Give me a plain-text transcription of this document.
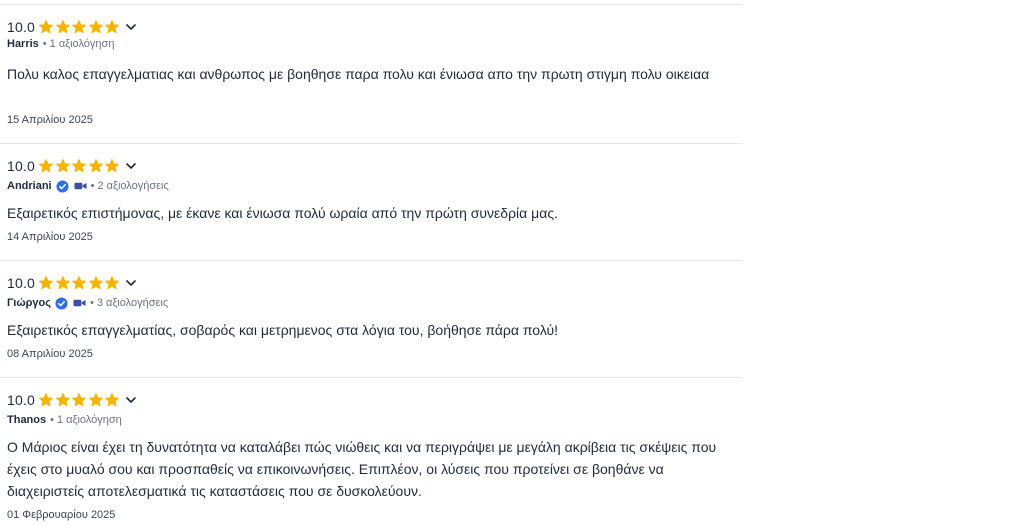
10.0
Harris • 1 αξιολόγηση
Πολυ καλος επαγγελματιας και ανθρωπος με βοηθησε παρα πολυ και ένιωσα απο την πρωτη στιγμη πολυ οικειαα
15 Απριλίου 2025
10.0
Andriani	• 2 αξιολογήσεις
Εξαιρετικός επιστήμονας, με έκανε και ένιωσα πολύ ωραία από την πρώτη συνεδρία μας.
14 Απριλίου 2025
10.0
Γιώργος	• 3 αξιολογήσεις
Εξαιρετικός επαγγελματίας, σοβαρός και μετρημενος στα λόγια του, βοήθησε πάρα πολύ!
08 Απριλίου 2025
10.0
Thanos • 1 αξιολόγηση
Ο Μάριος είναι έχει τη δυνατότητα να καταλάβει πώς νιώθεις και να περιγράψει με μεγάλη ακρίβεια τις σκέψεις που έχεις στο μυαλό σου και προσπαθείς να επικοινωνήσεις. Επιπλέον, οι λύσεις που προτείνει σε βοηθάνε να διαχειριστείς αποτελεσματικά τις καταστάσεις που σε δυσκολεύουν.
01 Φεβρουαρίου 2025
